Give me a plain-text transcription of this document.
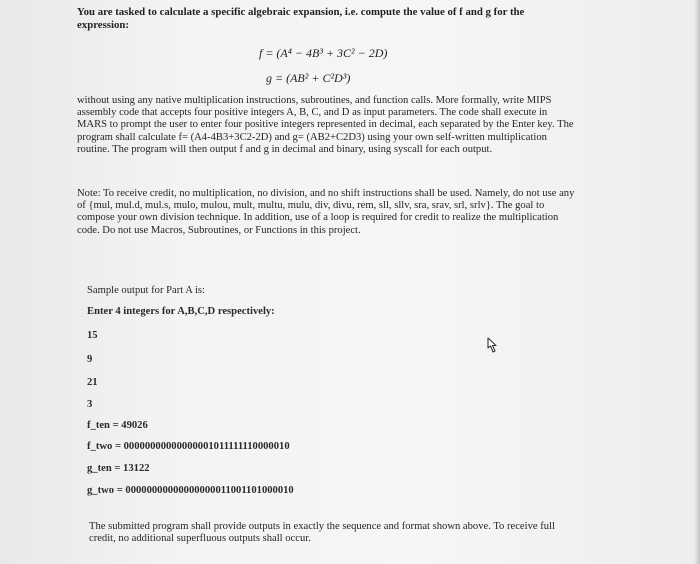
You are tasked to calculate a specific algebraic expansion, i.e. compute the value of f and g for the expression:
f = (A⁴ − 4B³ + 3C² − 2D)
g = (AB² + C²D³)
without using any native multiplication instructions, subroutines, and function calls. More formally, write MIPS assembly code that accepts four positive integers A, B, C, and D as input parameters. The code shall execute in MARS to prompt the user to enter four positive integers represented in decimal, each separated by the Enter key. The program shall calculate f= (A4-4B3+3C2-2D) and g= (AB2+C2D3) using your own self-written multiplication routine. The program will then output f and g in decimal and binary, using syscall for each output.
Note: To receive credit, no multiplication, no division, and no shift instructions shall be used. Namely, do not use any of {mul, mul.d, mul.s, mulo, mulou, mult, multu, mulu, div, divu, rem, sll, sllv, sra, srav, srl, srlv}. The goal to compose your own division technique. In addition, use of a loop is required for credit to realize the multiplication code. Do not use Macros, Subroutines, or Functions in this project.
Sample output for Part A is:
Enter 4 integers for A,B,C,D respectively:
15
9
21
3
f_ten = 49026
f_two = 00000000000000001011111110000010
g_ten = 13122
g_two = 00000000000000000011001101000010
The submitted program shall provide outputs in exactly the sequence and format shown above. To receive full credit, no additional superfluous outputs shall occur.
